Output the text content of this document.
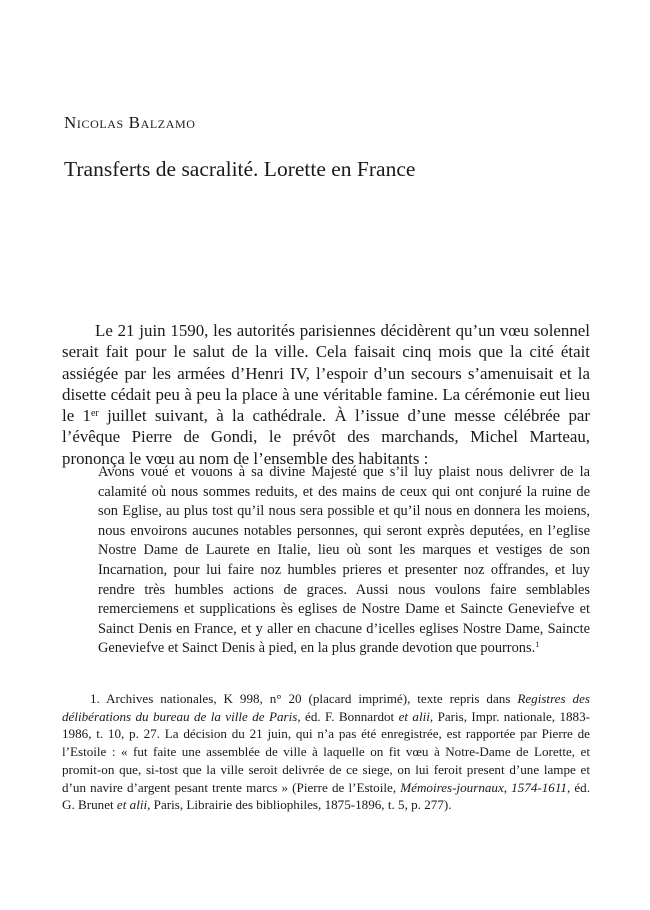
Nicolas Balzamo
Transferts de sacralité. Lorette en France

Le 21 juin 1590, les autorités parisiennes décidèrent qu’un vœu solennel serait fait pour le salut de la ville. Cela faisait cinq mois que la cité était assiégée par les armées d’Henri IV, l’espoir d’un secours s’amenuisait et la disette cédait peu à peu la place à une véritable famine. La cérémonie eut lieu le 1er juillet suivant, à la cathédrale. À l’issue d’une messe célébrée par l’évêque Pierre de Gondi, le prévôt des marchands, Michel Marteau, prononça le vœu au nom de l’ensemble des habitants :

Avons voué et vouons à sa divine Majesté que s’il luy plaist nous delivrer de la calamité où nous sommes reduits, et des mains de ceux qui ont conjuré la ruine de son Eglise, au plus tost qu’il nous sera possible et qu’il nous en donnera les moiens, nous envoirons aucunes notables personnes, qui seront exprès deputées, en l’eglise Nostre Dame de Laurete en Italie, lieu où sont les marques et vestiges de son Incarnation, pour lui faire noz humbles prieres et presenter noz offrandes, et luy rendre très humbles actions de graces. Aussi nous voulons faire semblables remerciemens et supplications ès eglises de Nostre Dame et Saincte Geneviefve et Sainct Denis en France, et y aller en chacune d’icelles eglises Nostre Dame, Saincte Geneviefve et Sainct Denis à pied, en la plus grande devotion que pourrons.$^1$

1. Archives nationales, K 998, n° 20 (placard imprimé), texte repris dans Registres des délibérations du bureau de la ville de Paris, éd. F. Bonnardot et alii, Paris, Impr. nationale, 1883-1986, t. 10, p. 27. La décision du 21 juin, qui n’a pas été enregistrée, est rapportée par Pierre de l’Estoile : « fut faite une assemblée de ville à laquelle on fit vœu à Notre-Dame de Lorette, et promit-on que, si-tost que la ville seroit delivrée de ce siege, on lui feroit present d’une lampe et d’un navire d’argent pesant trente marcs » (Pierre de l’Estoile, Mémoires-journaux, 1574-1611, éd. G. Brunet et alii, Paris, Librairie des bibliophiles, 1875-1896, t. 5, p. 277).
